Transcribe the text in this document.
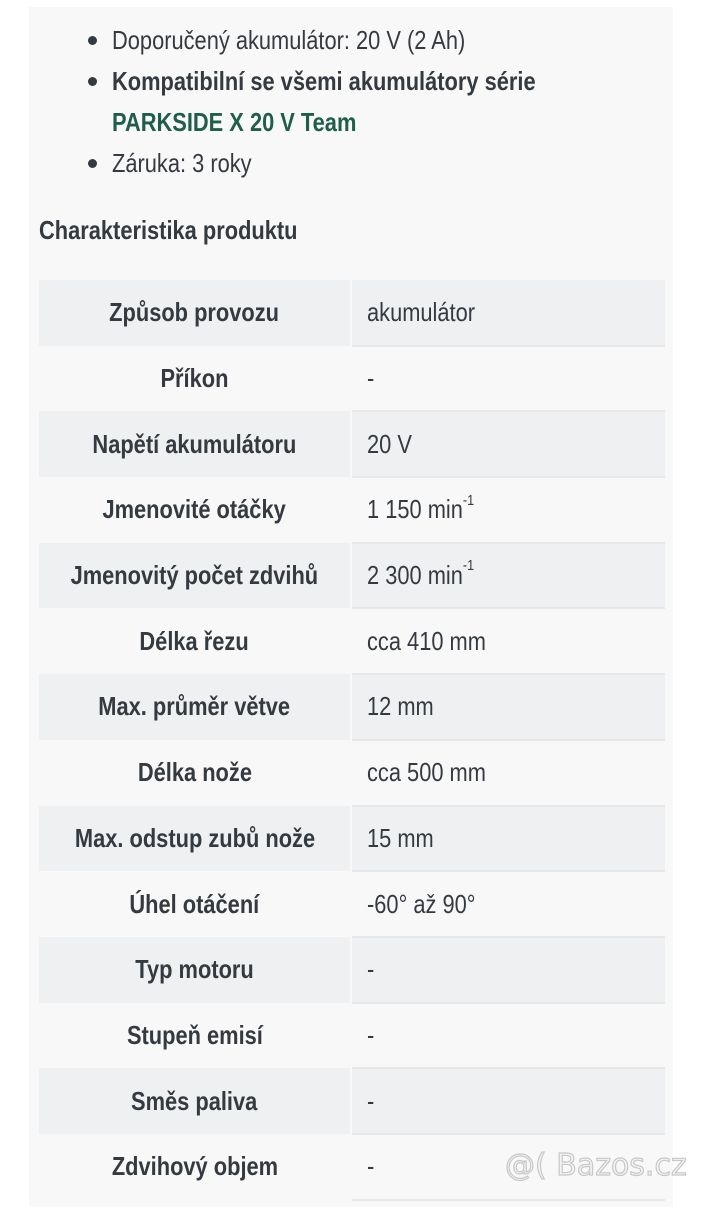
Doporučený akumulátor: 20 V (2 Ah)
Kompatibilní se všemi akumulátory série
PARKSIDE X 20 V Team
Záruka: 3 roky
Charakteristika produktu
Způsob provozu		akumulátor
Příkon		-
Napětí akumulátoru		20 V
Jmenovité otáčky		1 150 $\min^{-1}$
Jmenovitý počet zdvihů		2 300 $\min^{-1}$
Délka řezu		cca 410 mm
Max. průměr větve		12 mm
Délka nože		cca 500 mm
Max. odstup zubů nože		15 mm
Úhel otáčení		-60° až 90°
Typ motoru		-
Stupeň emisí		-
Směs paliva		-
Zdvihový objem		-	@( Bazos.cz
